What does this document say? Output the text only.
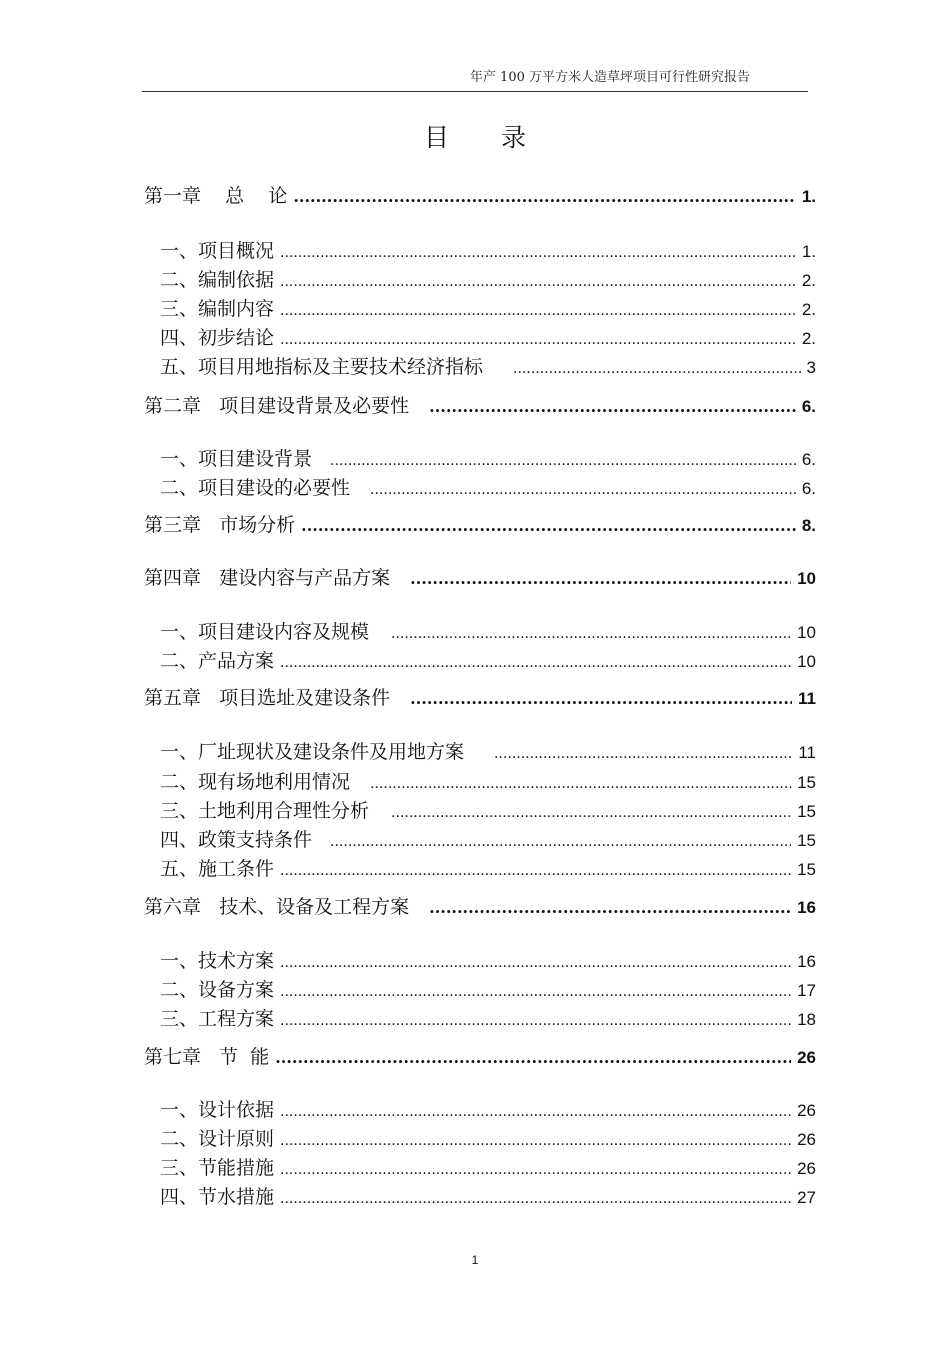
年产 100 万平方米人造草坪项目可行性研究报告
目 录
第一章    总    论 .....	1.
一、项目概况 .....	1.
二、编制依据 .....	2.
三、编制内容 .....	2.
四、初步结论 .....	2.
五、项目用地指标及主要技术经济指标 .....	3
第二章   项目建设背景及必要性 .....	6.
一、项目建设背景 .....	6.
二、项目建设的必要性 .....	6.
第三章   市场分析 .....	8.
第四章   建设内容与产品方案 .....	10
一、项目建设内容及规模 .....	10
二、产品方案 .....	10
第五章   项目选址及建设条件 .....	11
一、厂址现状及建设条件及用地方案 .....	11
二、现有场地利用情况 .....	15
三、土地利用合理性分析 .....	15
四、政策支持条件 .....	15
五、施工条件 .....	15
第六章   技术、设备及工程方案 .....	16
一、技术方案 .....	16
二、设备方案 .....	17
三、工程方案 .....	18
第七章   节  能 .....	26
一、设计依据 .....	26
二、设计原则 .....	26
三、节能措施 .....	26
四、节水措施 .....	27
1
